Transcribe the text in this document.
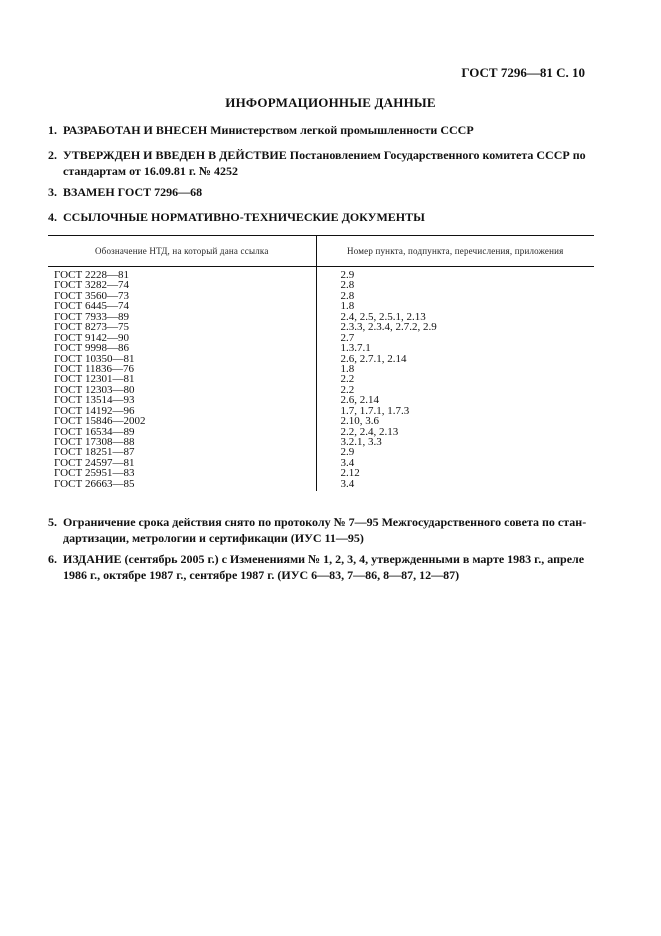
ГОСТ 7296—81 С. 10
ИНФОРМАЦИОННЫЕ ДАННЫЕ
1. РАЗРАБОТАН И ВНЕСЕН Министерством легкой промышленности СССР
2. УТВЕРЖДЕН И ВВЕДЕН В ДЕЙСТВИЕ Постановлением Государственного комитета СССР по
стандартам от 16.09.81 г. № 4252
3. ВЗАМЕН ГОСТ 7296—68
4. ССЫЛОЧНЫЕ НОРМАТИВНО-ТЕХНИЧЕСКИЕ ДОКУМЕНТЫ
Обозначение НТД, на который дана ссылка	Номер пункта, подпункта, перечисления, приложения
ГОСТ 2228—81
ГОСТ 3282—74
ГОСТ 3560—73
ГОСТ 6445—74
ГОСТ 7933—89
ГОСТ 8273—75
ГОСТ 9142—90
ГОСТ 9998—86
ГОСТ 10350—81
ГОСТ 11836—76
ГОСТ 12301—81
ГОСТ 12303—80
ГОСТ 13514—93
ГОСТ 14192—96
ГОСТ 15846—2002
ГОСТ 16534—89
ГОСТ 17308—88
ГОСТ 18251—87
ГОСТ 24597—81
ГОСТ 25951—83
ГОСТ 26663—85
2.9
2.8
2.8
1.8
2.4, 2.5, 2.5.1, 2.13
2.3.3, 2.3.4, 2.7.2, 2.9
2.7
1.3.7.1
2.6, 2.7.1, 2.14
1.8
2.2
2.2
2.6, 2.14
1.7, 1.7.1, 1.7.3
2.10, 3.6
2.2, 2.4, 2.13
3.2.1, 3.3
2.9
3.4
2.12
3.4
5. Ограничение срока действия снято по протоколу № 7—95 Межгосударственного совета по стан-
дартизации, метрологии и сертификации (ИУС 11—95)
6. ИЗДАНИЕ (сентябрь 2005 г.) с Изменениями № 1, 2, 3, 4, утвержденными в марте 1983 г., апреле
1986 г., октябре 1987 г., сентябре 1987 г. (ИУС 6—83, 7—86, 8—87, 12—87)
